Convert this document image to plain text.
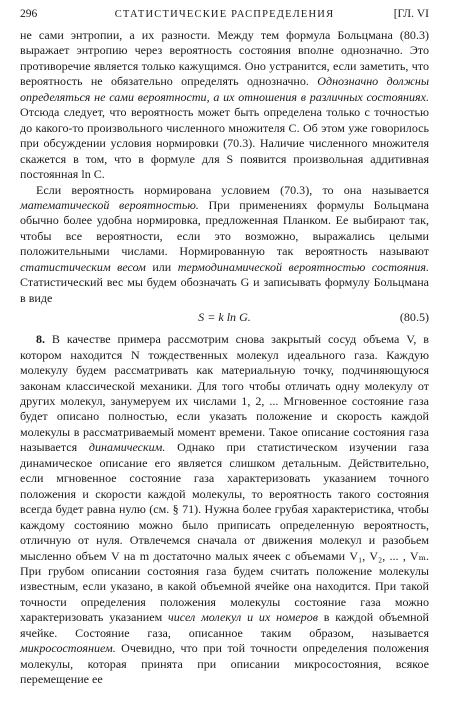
296	СТАТИСТИЧЕСКИЕ РАСПРЕДЕЛЕНИЯ	[ГЛ. VI

не сами энтропии, а их разности. Между тем формула Больцмана (80.3) выражает энтропию через вероятность состояния вполне однозначно. Это противоречие является только кажущимся. Оно устранится, если заметить, что вероятность не обязательно определять однозначно. Однозначно должны определяться не сами вероятности, а их отношения в различных состояниях. Отсюда следует, что вероятность может быть определена только с точностью до какого-то произвольного численного множителя C. Об этом уже говорилось при обсуждении условия нормировки (70.3). Наличие численного множителя скажется в том, что в формуле для S появится произвольная аддитивная постоянная ln C.

Если вероятность нормирована условием (70.3), то она называется математической вероятностью. При применениях формулы Больцмана обычно более удобна нормировка, предложенная Планком. Ее выбирают так, чтобы все вероятности, если это возможно, выражались целыми положительными числами. Нормированную так вероятность называют статистическим весом или термодинамической вероятностью состояния. Статистический вес мы будем обозначать G и записывать формулу Больцмана в виде

S = k ln G.	(80.5)

8. В качестве примера рассмотрим снова закрытый сосуд объема V, в котором находится N тождественных молекул идеального газа. Каждую молекулу будем рассматривать как материальную точку, подчиняющуюся законам классической механики. Для того чтобы отличать одну молекулу от других молекул, занумеруем их числами 1, 2, ... Мгновенное состояние газа будет описано полностью, если указать положение и скорость каждой молекулы в рассматриваемый момент времени. Такое описание состояния газа называется динамическим. Однако при статистическом изучении газа динамическое описание его является слишком детальным. Действительно, если мгновенное состояние газа характеризовать указанием точного положения и скорости каждой молекулы, то вероятность такого состояния всегда будет равна нулю (см. § 71). Нужна более грубая характеристика, чтобы каждому состоянию можно было приписать определенную вероятность, отличную от нуля. Отвлечемся сначала от движения молекул и разобьем мысленно объем V на m достаточно малых ячеек с объемами V₁, V₂, ... , Vₘ. При грубом описании состояния газа будем считать положение молекулы известным, если указано, в какой объемной ячейке она находится. При такой точности определения положения молекулы состояние газа можно характеризовать указанием чисел молекул и их номеров в каждой объемной ячейке. Состояние газа, описанное таким образом, называется микросостоянием. Очевидно, что при той точности определения положения молекулы, которая принята при описании микросостояния, всякое перемещение ее
